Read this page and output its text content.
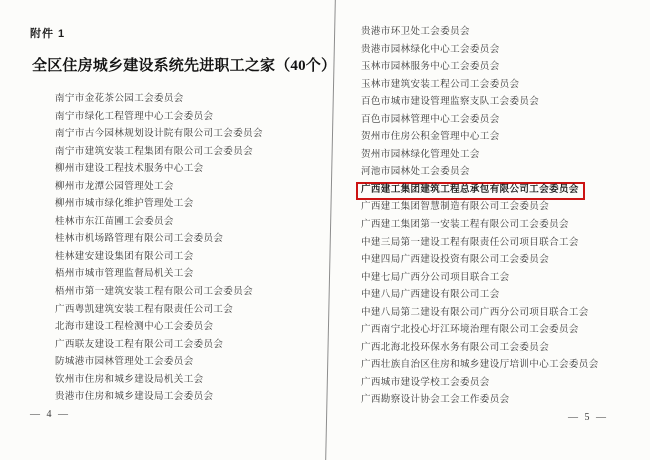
附件 1
全区住房城乡建设系统先进职工之家（40个）
南宁市金花茶公园工会委员会
南宁市绿化工程管理中心工会委员会
南宁市古今园林规划设计院有限公司工会委员会
南宁市建筑安装工程集团有限公司工会委员会
柳州市建设工程技术服务中心工会
柳州市龙潭公园管理处工会
柳州市城市绿化维护管理处工会
桂林市东江苗圃工会委员会
桂林市机场路管理有限公司工会委员会
桂林建安建设集团有限公司工会
梧州市城市管理监督局机关工会
梧州市第一建筑安装工程有限公司工会委员会
广西粤凯建筑安装工程有限责任公司工会
北海市建设工程检测中心工会委员会
广西联友建设工程有限公司工会委员会
防城港市园林管理处工会委员会
钦州市住房和城乡建设局机关工会
贵港市住房和城乡建设局工会委员会
— 4 —
贵港市环卫处工会委员会
贵港市园林绿化中心工会委员会
玉林市园林服务中心工会委员会
玉林市建筑安装工程公司工会委员会
百色市城市建设管理监察支队工会委员会
百色市园林管理中心工会委员会
贺州市住房公积金管理中心工会
贺州市园林绿化管理处工会
河池市园林处工会委员会
广西建工集团建筑工程总承包有限公司工会委员会
广西建工集团智慧制造有限公司工会委员会
广西建工集团第一安装工程有限公司工会委员会
中建三局第一建设工程有限责任公司项目联合工会
中建四局广西建设投资有限公司工会委员会
中建七局广西分公司项目联合工会
中建八局广西建设有限公司工会
中建八局第二建设有限公司广西分公司项目联合工会
广西南宁北投心圩江环境治理有限公司工会委员会
广西北海北投环保水务有限公司工会委员会
广西壮族自治区住房和城乡建设厅培训中心工会委员会
广西城市建设学校工会委员会
广西勘察设计协会工会工作委员会
— 5 —
